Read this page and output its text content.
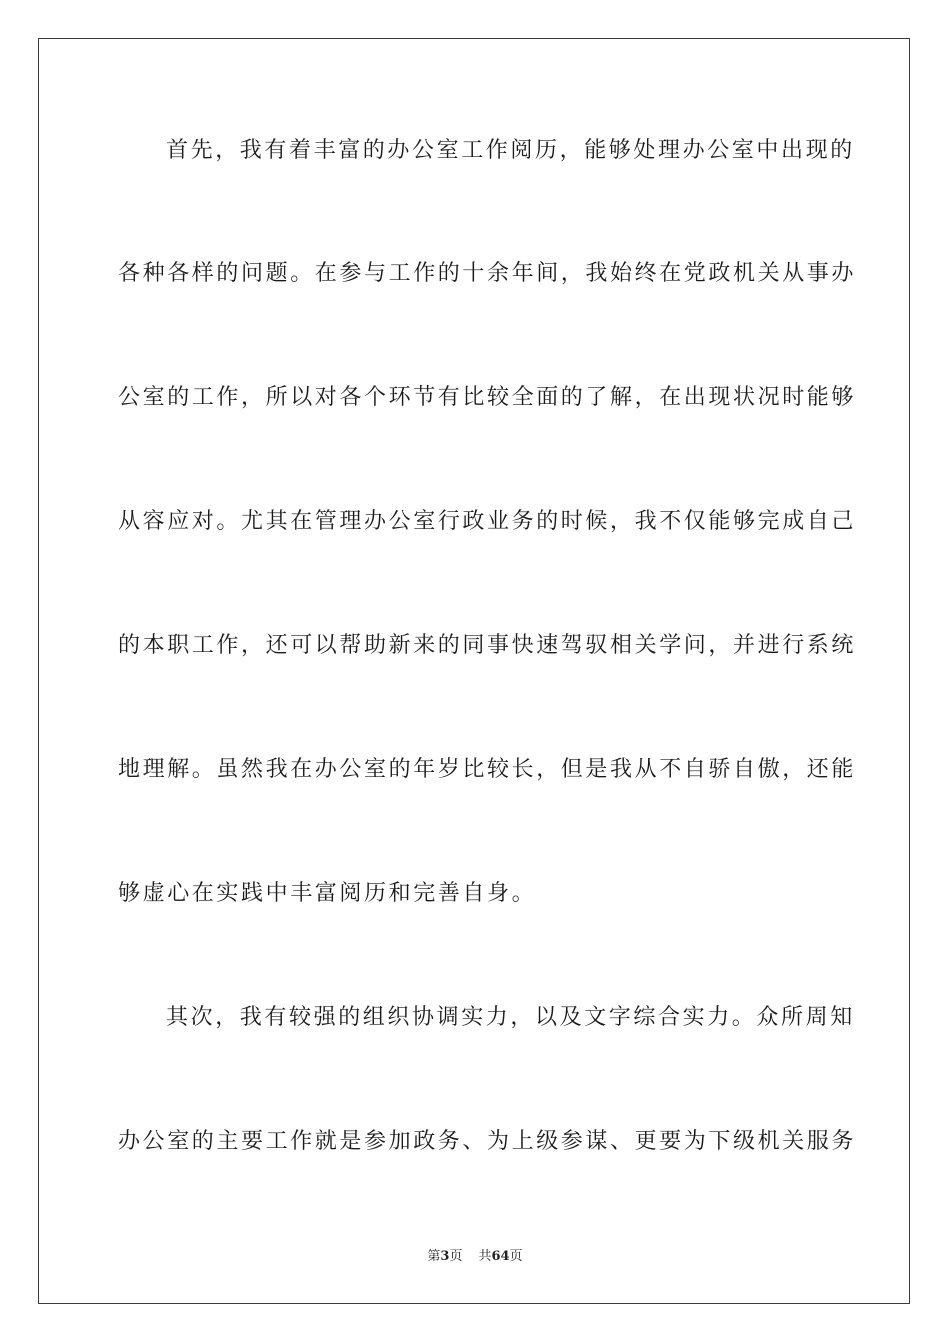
首先，我有着丰富的办公室工作阅历，能够处理办公室中出现的
各种各样的问题。在参与工作的十余年间，我始终在党政机关从事办
公室的工作，所以对各个环节有比较全面的了解，在出现状况时能够
从容应对。尤其在管理办公室行政业务的时候，我不仅能够完成自己
的本职工作，还可以帮助新来的同事快速驾驭相关学问，并进行系统
地理解。虽然我在办公室的年岁比较长，但是我从不自骄自傲，还能
够虚心在实践中丰富阅历和完善自身。
其次，我有较强的组织协调实力，以及文字综合实力。众所周知
办公室的主要工作就是参加政务、为上级参谋、更要为下级机关服务
第3页 共64页
